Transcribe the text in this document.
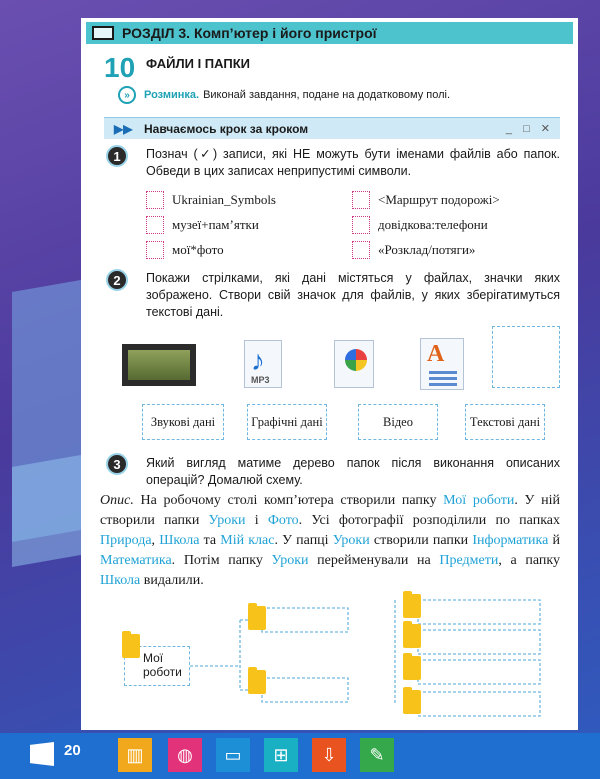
РОЗДІЛ 3. Комп’ютер і його пристрої
10 ФАЙЛИ І ПАПКИ
»	Розминка. Виконай завдання, подане на додатковому полі.
▶▶ Навчаємось крок за кроком	_ □ ✕
1	Познач (✓) записи, які НЕ можуть бути іменами файлів або папок. Обведи в цих записах неприпустимі символи.
Ukrainian_Symbols
музеї+пам’ятки
мої*фото
<Маршрут подорожі>
довідкова:телефони
«Розклад/потяги»
2	Покажи стрілками, які дані містяться у файлах, значки яких зображено. Створи свій значок для файлів, у яких зберігатимуться текстові дані.
♪
MP3
A
Звукові дані	Графічні дані	Відео	Текстові дані
3	Який вигляд матиме дерево папок після виконання описаних операцій? Домалюй схему.
Опис. На робочому столі комп’ютера створили папку Мої роботи. У ній створили папки Уроки і Фото. Усі фотографії розподілили по папках Природа, Школа та Мій клас. У папці Уроки створили папки Інформатика й Математика. Потім папку Уроки перейменували на Предмети, а папку Школа видалили.
Мої роботи
20	▥	◍	▭	⊞	⇩	✎
